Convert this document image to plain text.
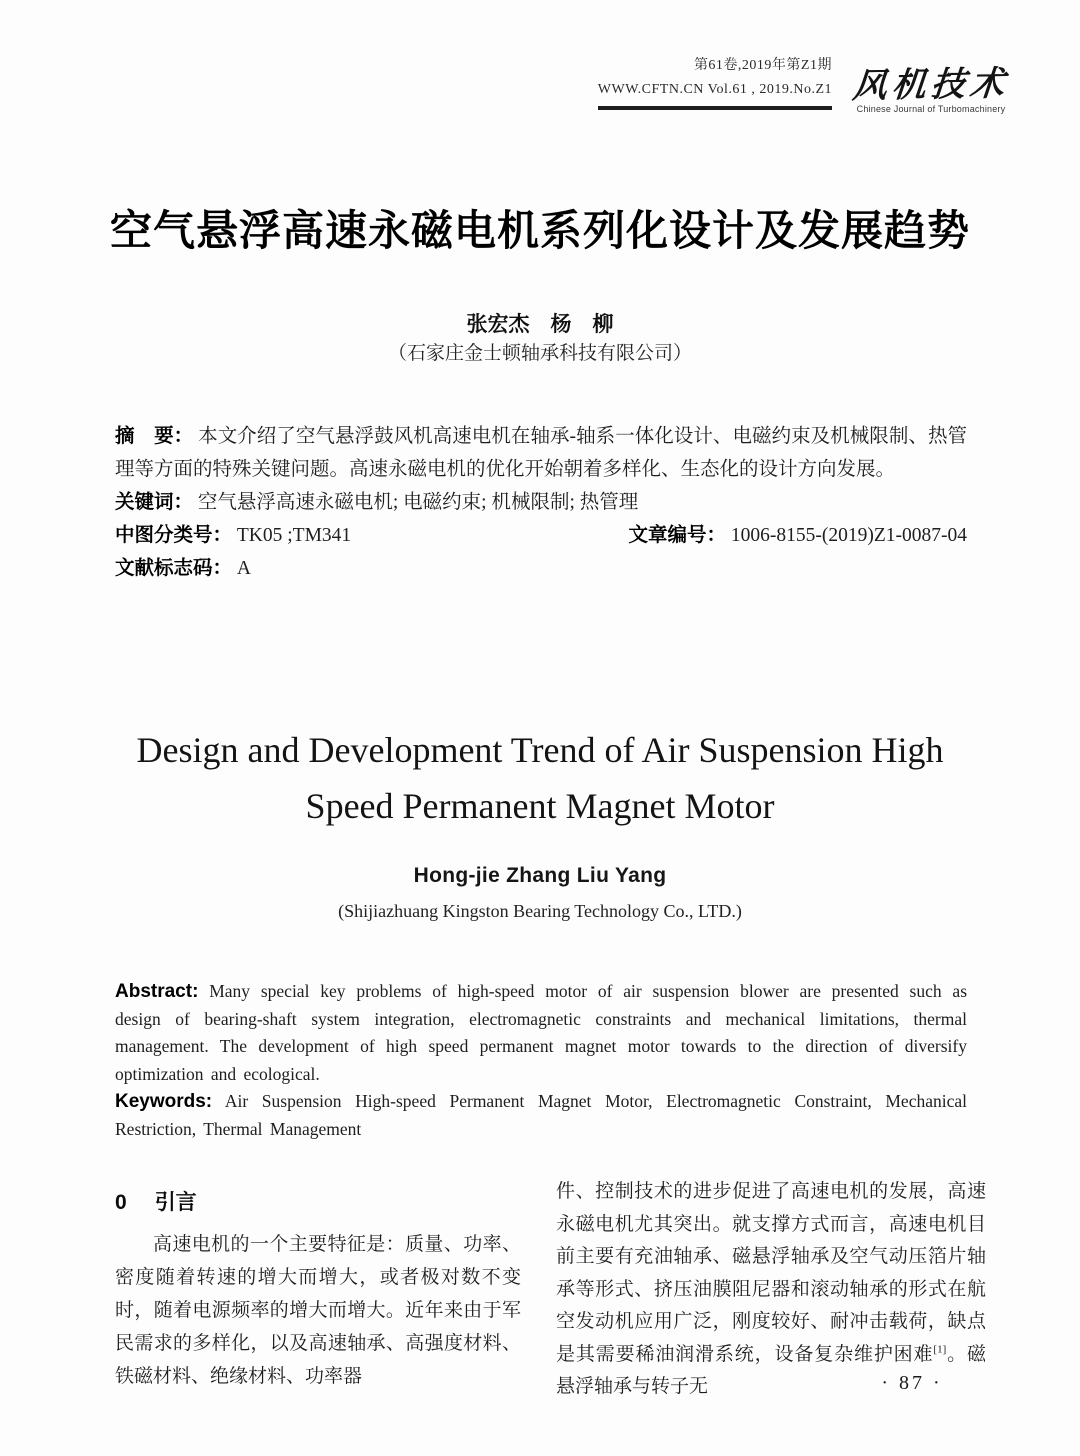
第61卷,2019年第Z1期
WWW.CFTN.CN Vol.61 , 2019.No.Z1 风机技术
Chinese Journal of Turbomachinery
空气悬浮高速永磁电机系列化设计及发展趋势
张宏杰　杨　柳
（石家庄金士顿轴承科技有限公司）

摘　要： 本文介绍了空气悬浮鼓风机高速电机在轴承-轴系一体化设计、电磁约束及机械限制、热管理等方面的特殊关键问题。高速永磁电机的优化开始朝着多样化、生态化的设计方向发展。

关键词： 空气悬浮高速永磁电机; 电磁约束; 机械限制; 热管理

中图分类号： TK05 ;TM341	文章编号： 1006-8155-(2019)Z1-0087-04

文献标志码： A

Design and Development Trend of Air Suspension High
Speed Permanent Magnet Motor
Hong-jie Zhang Liu Yang
(Shijiazhuang Kingston Bearing Technology Co., LTD.)

Abstract: Many special key problems of high-speed motor of air suspension blower are presented such as design of bearing-shaft system integration, electromagnetic constraints and mechanical limitations, thermal management. The development of high speed permanent magnet motor towards to the direction of diversify optimization and ecological.

Keywords: Air Suspension High-speed Permanent Magnet Motor, Electromagnetic Constraint, Mechanical Restriction, Thermal Management

0 引言

高速电机的一个主要特征是：质量、功率、密度随着转速的增大而增大，或者极对数不变时，随着电源频率的增大而增大。近年来由于军民需求的多样化，以及高速轴承、高强度材料、铁磁材料、绝缘材料、功率器

件、控制技术的进步促进了高速电机的发展，高速永磁电机尤其突出。就支撑方式而言，高速电机目前主要有充油轴承、磁悬浮轴承及空气动压箔片轴承等形式、挤压油膜阻尼器和滚动轴承的形式在航空发动机应用广泛，刚度较好、耐冲击载荷，缺点是其需要稀油润滑系统，设备复杂维护困难[1]。磁悬浮轴承与转子无	· 87 ·
